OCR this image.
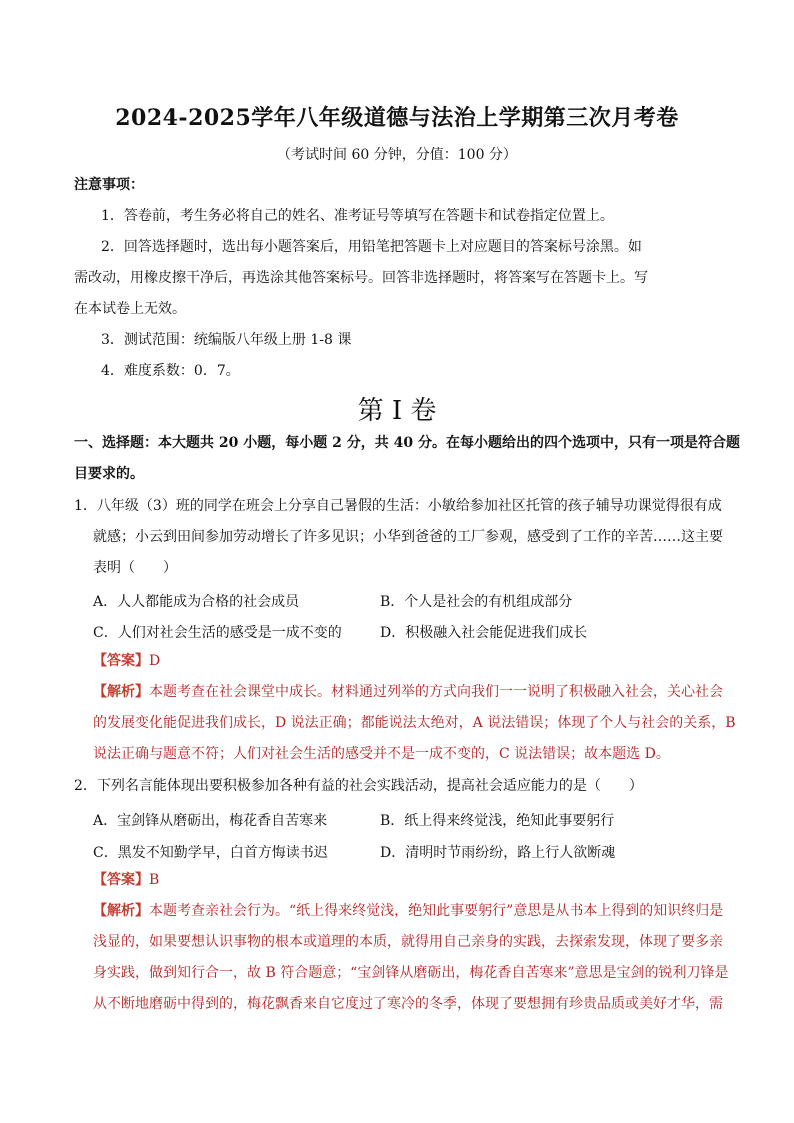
2024-2025学年八年级道德与法治上学期第三次月考卷
（考试时间 60 分钟，分值：100 分）
注意事项：
1．答卷前，考生务必将自己的姓名、准考证号等填写在答题卡和试卷指定位置上。
2．回答选择题时，选出每小题答案后，用铅笔把答题卡上对应题目的答案标号涂黑。如
需改动，用橡皮擦干净后，再选涂其他答案标号。回答非选择题时，将答案写在答题卡上。写
在本试卷上无效。
3．测试范围：统编版八年级上册 1-8 课
4．难度系数：0．7。
第 I 卷
一、选择题：本大题共 20 小题，每小题 2 分，共 40 分。在每小题给出的四个选项中，只有一项是符合题
目要求的。
1．八年级（3）班的同学在班会上分享自己暑假的生活：小敏给参加社区托管的孩子辅导功课觉得很有成
就感；小云到田间参加劳动增长了许多见识；小华到爸爸的工厂参观，感受到了工作的辛苦……这主要
表明（　　）
A．人人都能成为合格的社会成员	B．个人是社会的有机组成部分
C．人们对社会生活的感受是一成不变的	D．积极融入社会能促进我们成长
【答案】D
【解析】本题考查在社会课堂中成长。材料通过列举的方式向我们一一说明了积极融入社会，关心社会
的发展变化能促进我们成长，D 说法正确；都能说法太绝对，A 说法错误；体现了个人与社会的关系，B
说法正确与题意不符；人们对社会生活的感受并不是一成不变的，C 说法错误；故本题选 D。
2．下列名言能体现出要积极参加各种有益的社会实践活动，提高社会适应能力的是（　　）
A．宝剑锋从磨砺出，梅花香自苦寒来	B．纸上得来终觉浅，绝知此事要躬行
C．黑发不知勤学早，白首方悔读书迟	D．清明时节雨纷纷，路上行人欲断魂
【答案】B
【解析】本题考查亲社会行为。“纸上得来终觉浅，绝知此事要躬行”意思是从书本上得到的知识终归是
浅显的，如果要想认识事物的根本或道理的本质，就得用自己亲身的实践，去探索发现，体现了要多亲
身实践，做到知行合一，故 B 符合题意；“宝剑锋从磨砺出，梅花香自苦寒来”意思是宝剑的锐利刀锋是
从不断地磨砺中得到的，梅花飘香来自它度过了寒冷的冬季，体现了要想拥有珍贵品质或美好才华，需
